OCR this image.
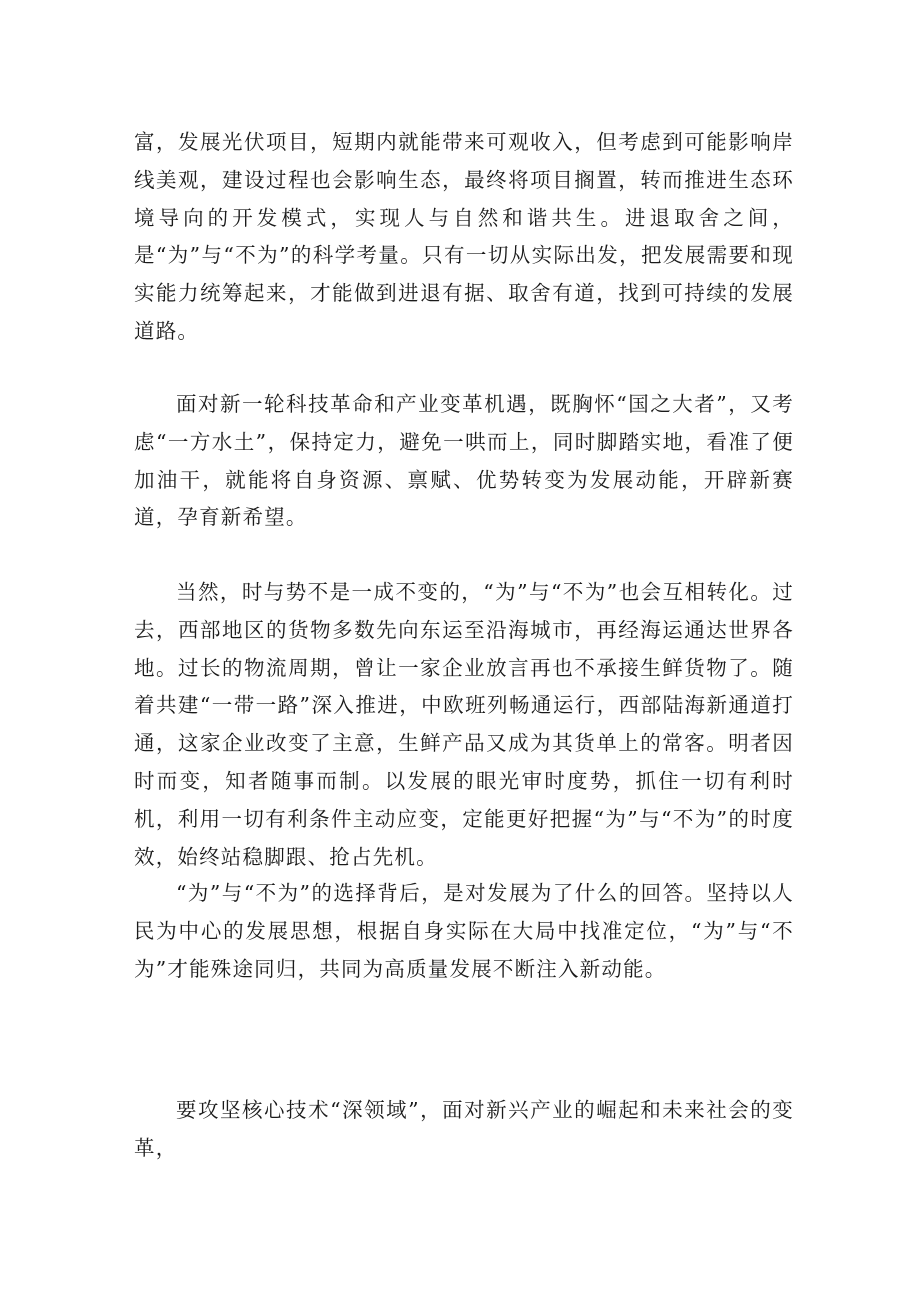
富，发展光伏项目，短期内就能带来可观收入，但考虑到可能影响岸线美观，建设过程也会影响生态，最终将项目搁置，转而推进生态环境导向的开发模式，实现人与自然和谐共生。进退取舍之间，是“为”与“不为”的科学考量。只有一切从实际出发，把发展需要和现实能力统筹起来，才能做到进退有据、取舍有道，找到可持续的发展道路。

面对新一轮科技革命和产业变革机遇，既胸怀“国之大者”，又考虑“一方水土”，保持定力，避免一哄而上，同时脚踏实地，看准了便加油干，就能将自身资源、禀赋、优势转变为发展动能，开辟新赛道，孕育新希望。

当然，时与势不是一成不变的，“为”与“不为”也会互相转化。过去，西部地区的货物多数先向东运至沿海城市，再经海运通达世界各地。过长的物流周期，曾让一家企业放言再也不承接生鲜货物了。随着共建“一带一路”深入推进，中欧班列畅通运行，西部陆海新通道打通，这家企业改变了主意，生鲜产品又成为其货单上的常客。明者因时而变，知者随事而制。以发展的眼光审时度势，抓住一切有利时机，利用一切有利条件主动应变，定能更好把握“为”与“不为”的时度效，始终站稳脚跟、抢占先机。

“为”与“不为”的选择背后，是对发展为了什么的回答。坚持以人民为中心的发展思想，根据自身实际在大局中找准定位，“为”与“不为”才能殊途同归，共同为高质量发展不断注入新动能。

要攻坚核心技术“深领域”，面对新兴产业的崛起和未来社会的变革，
